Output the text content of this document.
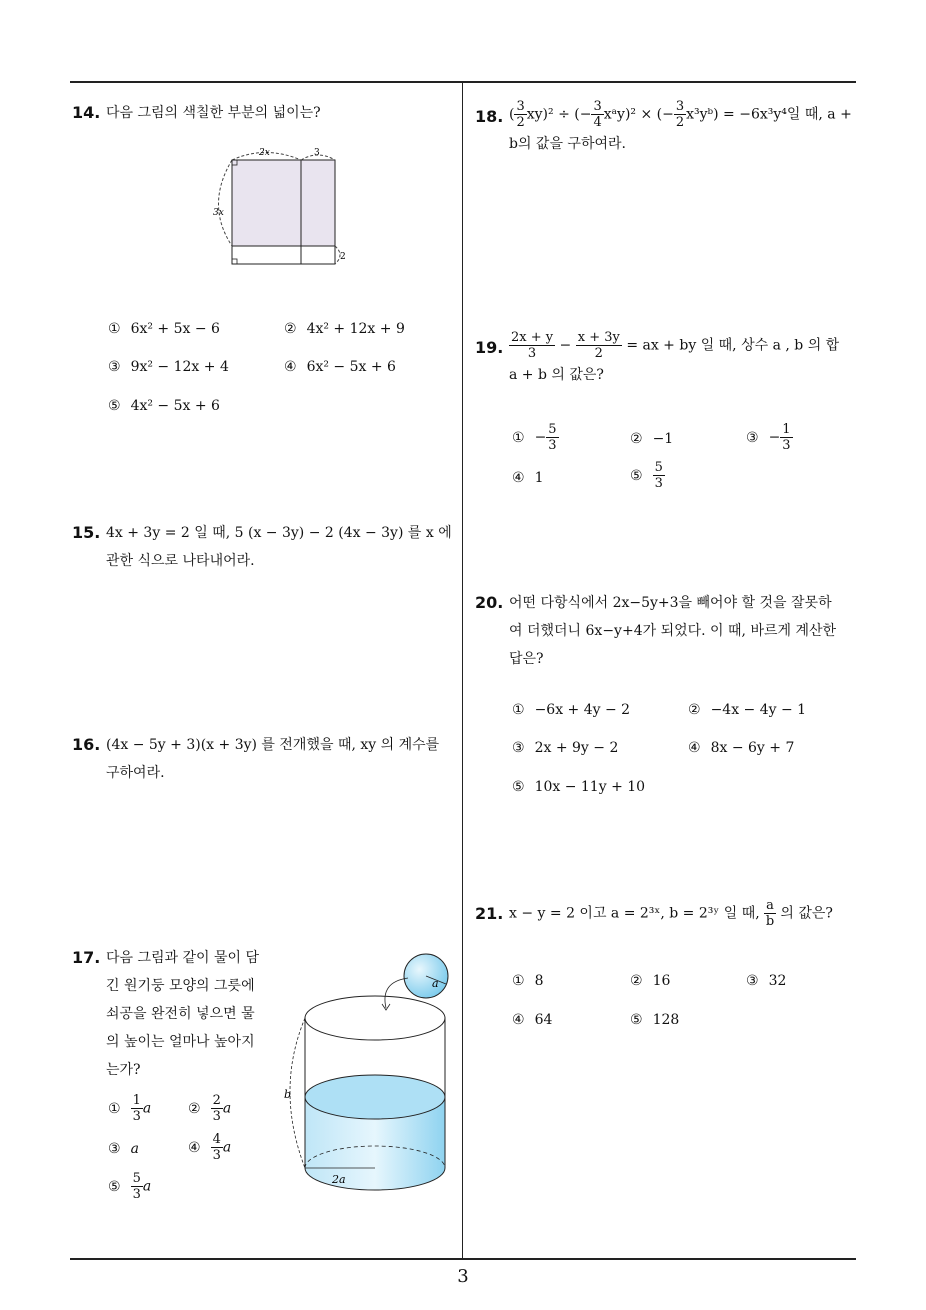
14. 다음 그림의 색칠한 부분의 넓이는?
2x	3
3x
2
① 6x² + 5x − 6	② 4x² + 12x + 9
③ 9x² − 12x + 4	④ 6x² − 5x + 6
⑤ 4x² − 5x + 6
15. 4x + 3y = 2 일 때, 5 (x − 3y) − 2 (4x − 3y) 를 x 에
관한 식으로 나타내어라.
16. (4x − 5y + 3)(x + 3y) 를 전개했을 때, xy 의 계수를
구하여라.
17. 다음 그림과 같이 물이 담
긴 원기둥 모양의 그릇에
쇠공을 완전히 넣으면 물
의 높이는 얼마나 높아지
는가?
① $\frac{1}{3}$ a	② $\frac{2}{3}$ a
③ a	④ $\frac{4}{3}$ a
⑤ $\frac{5}{3}$ a
a
2a
b
18. ( $\frac{3}{2} xy)^2$ ÷ (− $\frac{3}{4}$ xᵃy)² × (− $\frac{3}{2}$ x³yᵇ) = −6x³y⁴일 때, a +
b의 값을 구하여라.
19. $\frac{2x + y}{3} - \frac{x + 3y}{2}$ = ax + by 일 때, 상수 a , b 의 합
a + b 의 값은?
① − $\frac{5}{3}$	② −1	③ − $\frac{1}{3}$
④ 1	⑤ $\frac{5}{3}$
20. 어떤 다항식에서 2x−5y+3을 빼어야 할 것을 잘못하
여 더했더니 6x−y+4가 되었다. 이 때, 바르게 계산한
답은?
① −6x + 4y − 2	② −4x − 4y − 1
③ 2x + 9y − 2	④ 8x − 6y + 7
⑤ 10x − 11y + 10
21. x − y = 2 이고 a = 2³ˣ, b = 2³ʸ 일 때, $\frac{a}{b}$ 의 값은?
① 8	② 16	③ 32
④ 64	⑤ 128
3
